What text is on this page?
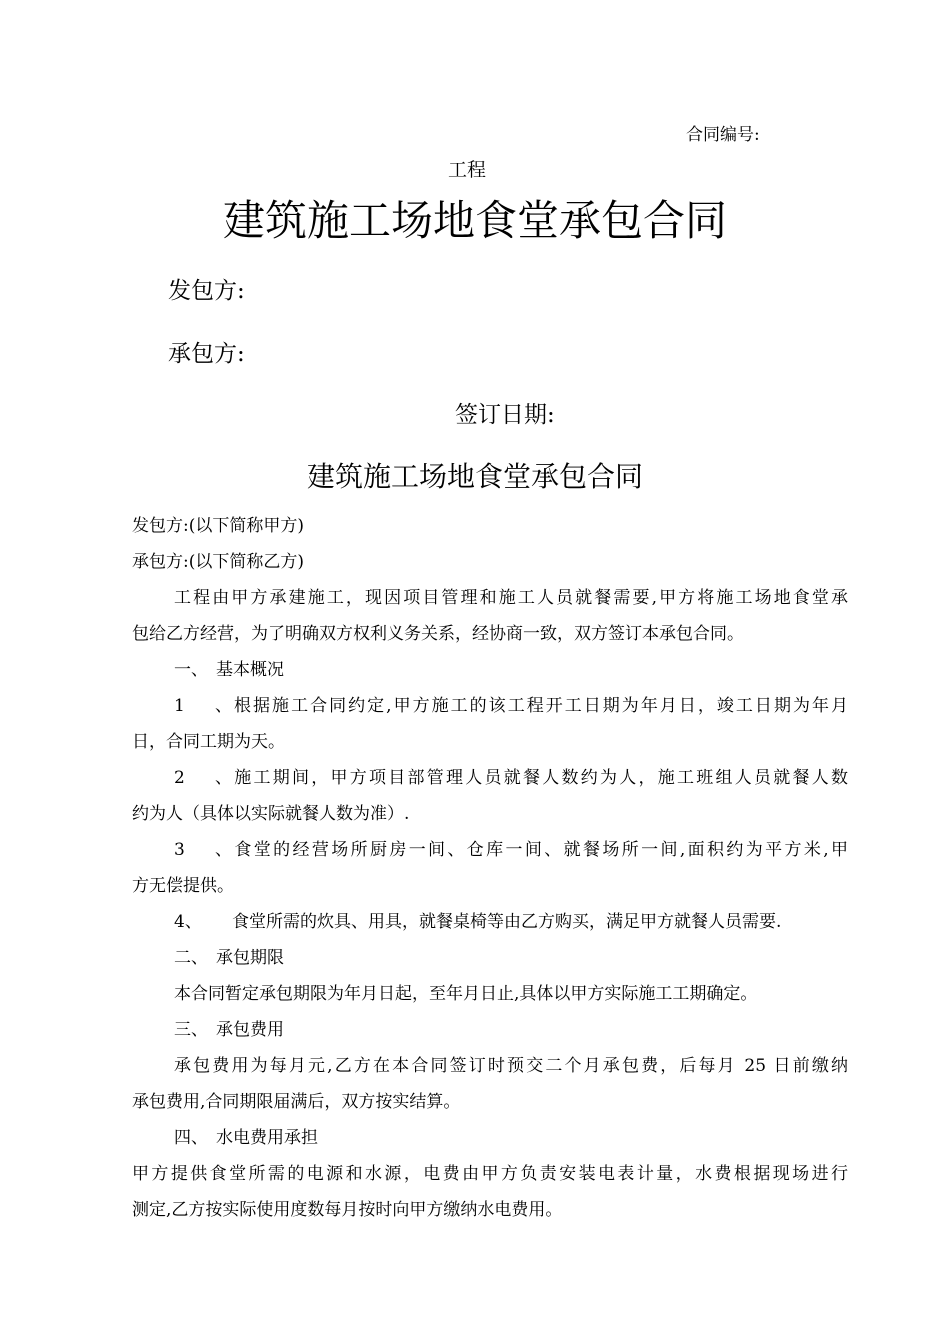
合同编号:
工程
建筑施工场地食堂承包合同
发包方:
承包方:
签订日期:
建筑施工场地食堂承包合同
发包方:(以下简称甲方)
承包方:(以下简称乙方)
工程由甲方承建施工，现因项目管理和施工人员就餐需要,甲方将施工场地食堂承
包给乙方经营，为了明确双方权利义务关系，经协商一致，双方签订本承包合同。
一、 基本概况
1、根据施工合同约定,甲方施工的该工程开工日期为年月日，竣工日期为年月
日，合同工期为天。
2、施工期间，甲方项目部管理人员就餐人数约为人，施工班组人员就餐人数
约为人（具体以实际就餐人数为准）.
3、食堂的经营场所厨房一间、仓库一间、就餐场所一间,面积约为平方米,甲
方无偿提供。
4、 食堂所需的炊具、用具，就餐桌椅等由乙方购买，满足甲方就餐人员需要.
二、 承包期限
本合同暂定承包期限为年月日起，至年月日止,具体以甲方实际施工工期确定。
三、 承包费用
承包费用为每月元,乙方在本合同签订时预交二个月承包费，后每月 25 日前缴纳
承包费用,合同期限届满后，双方按实结算。
四、 水电费用承担
甲方提供食堂所需的电源和水源，电费由甲方负责安装电表计量，水费根据现场进行
测定,乙方按实际使用度数每月按时向甲方缴纳水电费用。
